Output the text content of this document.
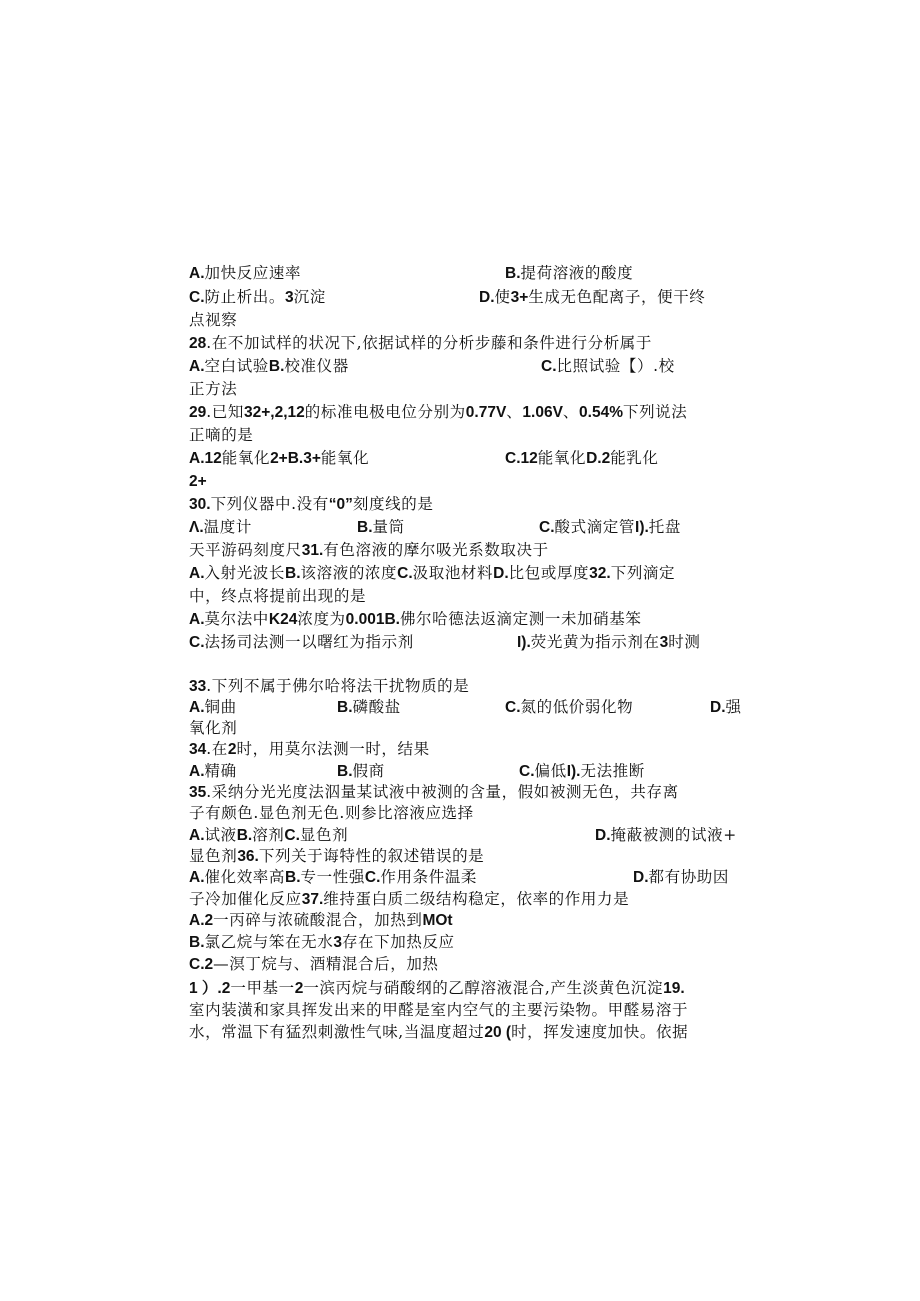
A.加快反应速率	B.提荷溶液的酸度
C.防止析出。3沉淀	D.使3+生成无色配离子，便干终
点视察
28.在不加试样的状况下,依据试样的分析步藤和条件进行分析属于
A.空白试验B.校准仪器	C.比照试验【）.校
正方法
29.已知32+,2,12的标准电极电位分别为0.77V、1.06V、0.54%下列说法
正嘀的是
A.12能氧化2+B.3+能氧化	C.12能氧化D.2能乳化
2+
30.下列仪器中.没有“0”刻度线的是
Λ.温度计	B.量筒	C.酸式滴定管I).托盘
天平游码刻度尺31.有色溶液的摩尔吸光系数取决于
A.入射光波长B.该溶液的浓度C.汲取池材料D.比包或厚度32.下列滴定
中，终点将提前出现的是
A.莫尔法中K24浓度为0.001B.佛尔哈德法返滴定测一未加硝基笨
C.法扬司法测一以曙红为指示剂	I).荧光黄为指示剂在3时测
33.下列不属于佛尔哈将法干扰物质的是
A.铜曲	B.磷酸盐	C.氮的低价弱化物	D.强
氧化剂
34.在2时，用莫尔法测一时，结果
A.精确	B.假商	C.偏低I).无法推断
35.采纳分光光度法泅量某试液中被测的含量，假如被测无色，共存离
子有颇色.显色剂无色.则参比溶液应选择
A.试液B.溶剂C.显色剂	D.掩蔽被测的试液+
显色剂36.下列关于诲特性的叙述错误的是
A.催化效率高B.专一性强C.作用条件温柔	D.都有协助因
子冷加催化反应37.维持蛋白质二级结构稳定，依率的作用力是
A.2一丙碎与浓硫酸混合，加热到MOt
B.氯乙烷与笨在无水3存在下加热反应
C.2—溟丁烷与、酒精混合后，加热
1 ）.2一甲基一2一滨丙烷与硝酸纲的乙醇溶液混合,产生淡黄色沉淀19.
室内装潢和家具挥发出来的甲醛是室内空气的主要污染物。甲醛易溶于
水，常温下有猛烈刺激性气味,当温度超过20 (时，挥发速度加快。依据
